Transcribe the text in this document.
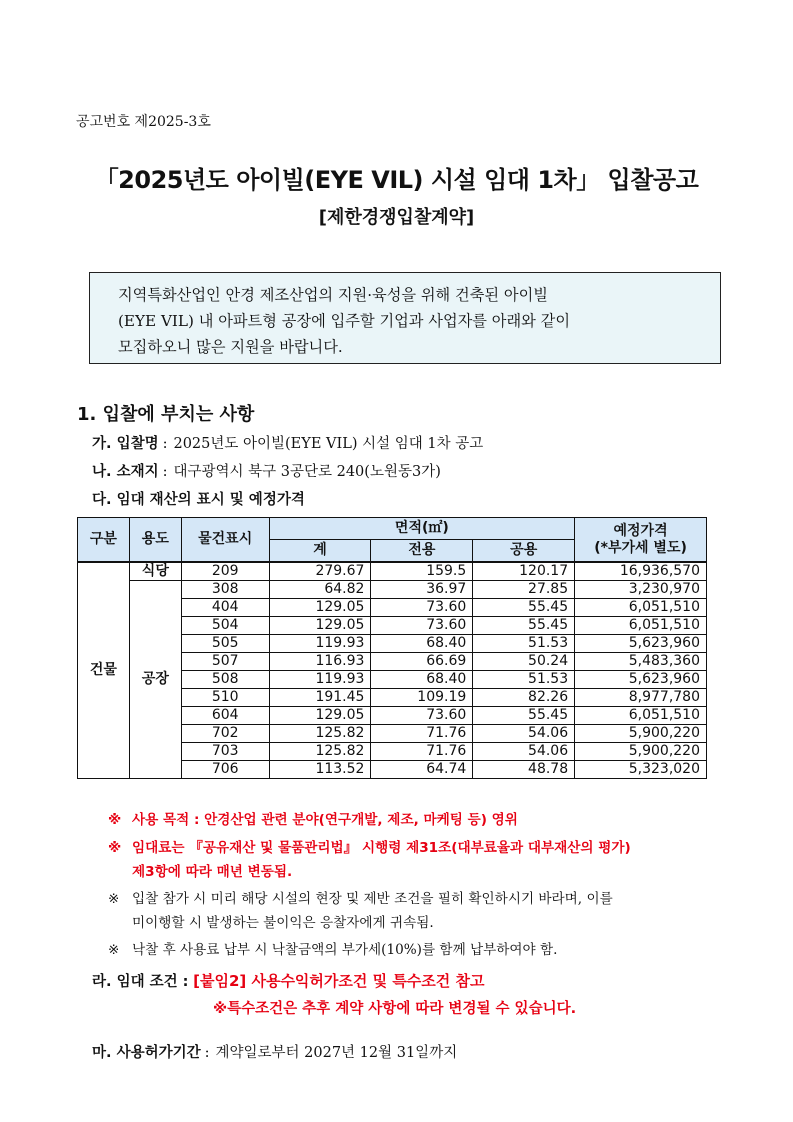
공고번호 제2025-3호
「2025년도 아이빌(EYE VIL) 시설 임대 1차」 입찰공고
[제한경쟁입찰계약]

지역특화산업인 안경 제조산업의 지원·육성을 위해 건축된 아이빌

(EYE VIL) 내 아파트형 공장에 입주할 기업과 사업자를 아래와 같이

모집하오니 많은 지원을 바랍니다.

1. 입찰에 부치는 사항
가. 입찰명 : 2025년도 아이빌(EYE VIL) 시설 임대 1차 공고
나. 소재지 : 대구광역시 북구 3공단로 240(노원동3가)
다. 임대 재산의 표시 및 예정가격
구분	용도	물건표시	면적(㎡)			예정가격
(*부가세 별도)

			계	전용	공용	
건물	식당	209	279.67	159.5	120.17	16,936,570
	공장	308	64.82	36.97	27.85	3,230,970
		404	129.05	73.60	55.45	6,051,510
		504	129.05	73.60	55.45	6,051,510
		505	119.93	68.40	51.53	5,623,960
		507	116.93	66.69	50.24	5,483,360
		508	119.93	68.40	51.53	5,623,960
		510	191.45	109.19	82.26	8,977,780
		604	129.05	73.60	55.45	6,051,510
		702	125.82	71.76	54.06	5,900,220
		703	125.82	71.76	54.06	5,900,220
		706	113.52	64.74	48.78	5,323,020
※ 사용 목적 : 안경산업 관련 분야(연구개발, 제조, 마케팅 등) 영위
※ 임대료는 『공유재산 및 물품관리법』 시행령 제31조(대부료율과 대부재산의 평가)
제3항에 따라 매년 변동됨.
※ 입찰 참가 시 미리 해당 시설의 현장 및 제반 조건을 필히 확인하시기 바라며, 이를
미이행할 시 발생하는 불이익은 응찰자에게 귀속됨.
※ 낙찰 후 사용료 납부 시 낙찰금액의 부가세(10%)를 함께 납부하여야 함.
라. 임대 조건 : [붙임2] 사용수익허가조건 및 특수조건 참고
※특수조건은 추후 계약 사항에 따라 변경될 수 있습니다.
마. 사용허가기간 : 계약일로부터 2027년 12월 31일까지
